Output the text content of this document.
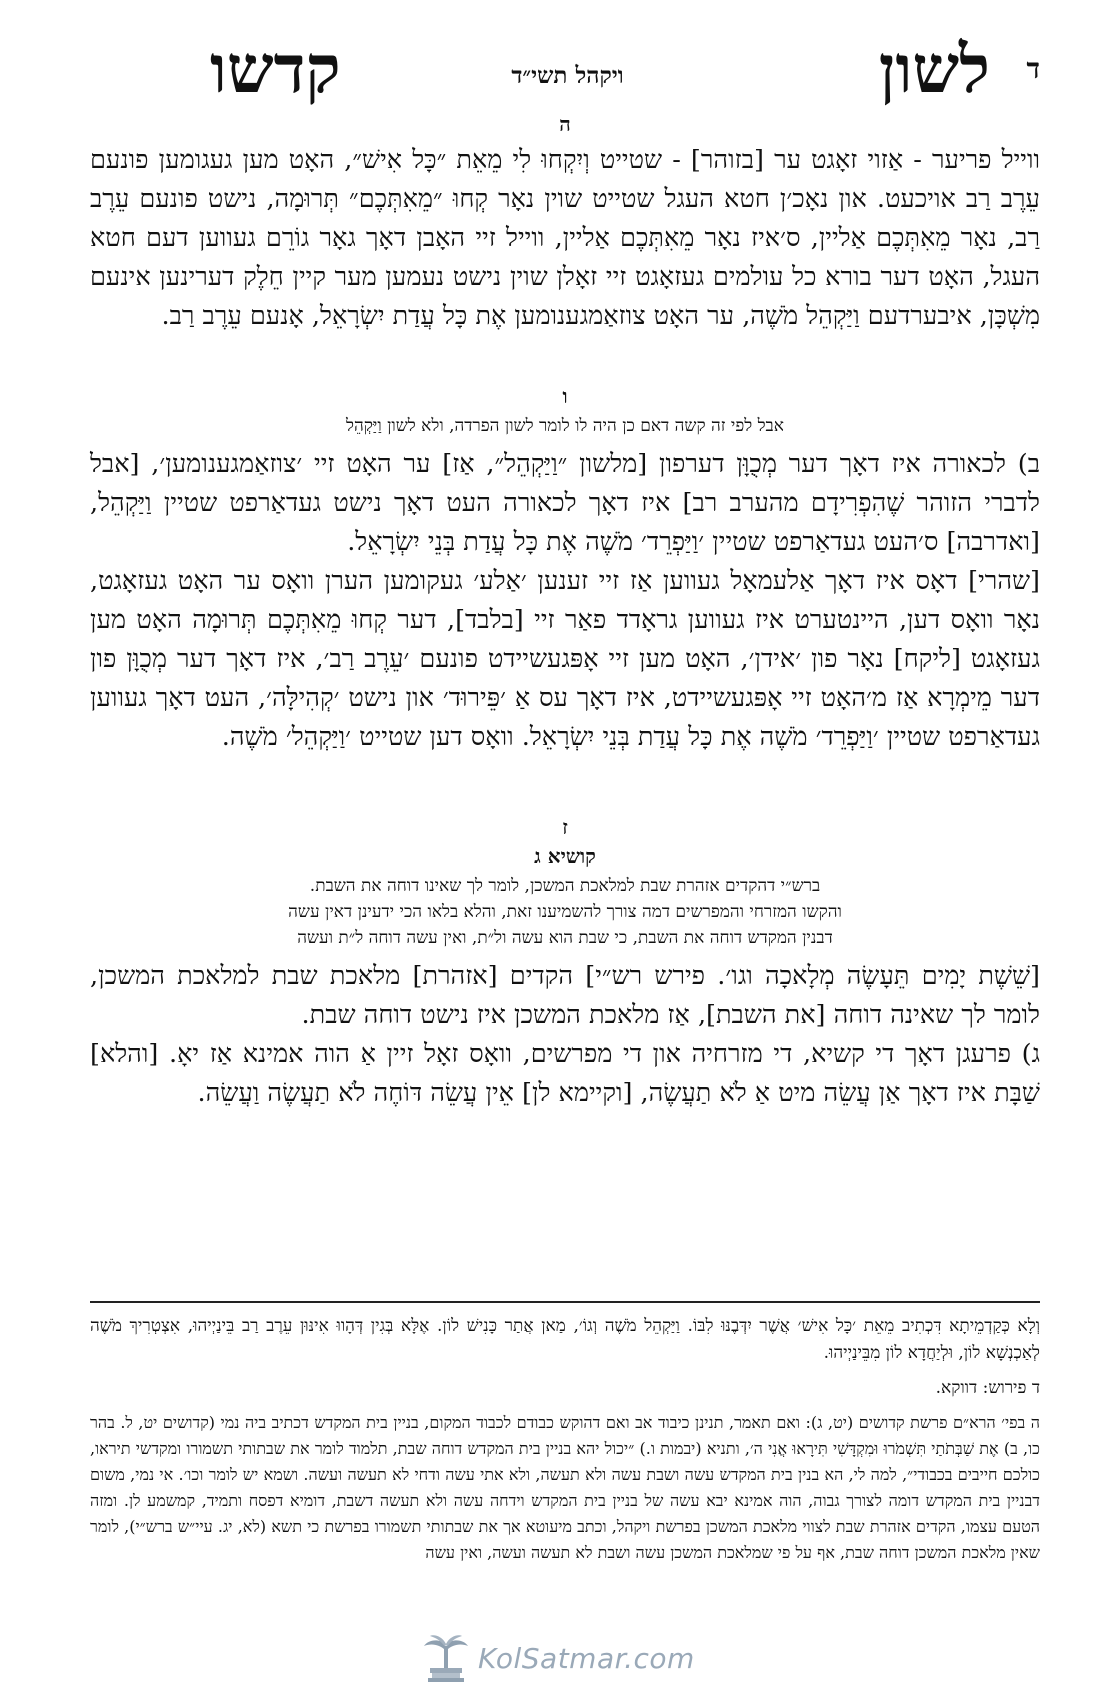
ד
לשון
ויקהל תשי״ד
קדשו
ה

ווייל פריער - אַזוי זאָגט ער [בזוהר] - שטייט וְיִקְחוּ לִי מֵאֵת ״כָּל אִישׁ״, האָט מען געגומען פונעם עֵרֶב רַב אויכעט. און נאָכ׳ן חטא העגל שטייט שוין נאָר קְחוּ ״מֵאִתְּכֶם״ תְּרוּמָה, נישט פונעם עֵרֶב רַב, נאָר מֵאִתְּכֶם אַליין, ס׳איז נאָר מֵאִתְּכֶם אַליין, ווייל זיי האָבן דאָך גאָר גוֹרֵם געווען דעם חטא העגל, האָט דער בורא כל עולמים געזאָגט זיי זאָלן שוין נישט נעמען מער קיין חֵלֶק דערינען אינעם מִשְׁכָּן, איבערדעם וַיַּקְהֵל מֹשֶׁה, ער האָט צוזאַמגענומען אֶת כָּל עֲדַת יִשְׂרָאֵל, אָנעם עֵרֶב רַב.

ו

אבל לפי זה קשה דאם כן היה לו לומר לשון הפרדה, ולא לשון וַיַּקְהֵל

ב) לכאורה איז דאָך דער מְכֻוָּן דערפון [מלשון ״וַיַּקְהֵל״, אַז] ער האָט זיי ׳צוזאַמגענומען׳, [אבל לדברי הזוהר שֶׁהִפְרִידָם מהערב רב] איז דאָך לכאורה העט דאָך נישט געדאַרפט שטיין וַיַּקְהֵל, [ואדרבה] ס׳העט געדאַרפט שטיין ׳וַיַּפְרֵד׳ מֹשֶׁה אֶת כָּל עֲדַת בְּנֵי יִשְׂרָאֵל.

[שהרי] דאָס איז דאָך אַלעמאָל געווען אַז זיי זענען ׳אַלע׳ געקומען הערן וואָס ער האָט געזאָגט, נאָר וואָס דען, היינטערט איז געווען גראָדד פאַר זיי [בלבד], דער קְחוּ מֵאִתְּכֶם תְּרוּמָה האָט מען געזאָגט [ליקח] נאָר פון ׳אידן׳, האָט מען זיי אָפּגעשיידט פונעם ׳עֵרֶב רַב׳, איז דאָך דער מְכֻוָּן פון דער מֵימְרָא אַז מ׳האָט זיי אָפּגעשיידט, איז דאָך עס אַ ׳פֵּירוּד׳ און נישט ׳קְהִילָּה׳, העט דאָך געווען געדאַרפט שטיין ׳וַיַּפְרֵד׳ מֹשֶׁה אֶת כָּל עֲדַת בְּנֵי יִשְׂרָאֵל. וואָס דען שטייט ׳וַיַּקְהֵל׳ מֹשֶׁה.

ז
קושיא ג

ברש״י דהקדים אזהרת שבת למלאכת המשכן, לומר לך שאינו דוחה את השבת.

והקשו המזרחי והמפרשים דמה צורך להשמיענו זאת, והלא בלאו הכי ידעינן דאין עשה

דבנין המקדש דוחה את השבת, כי שבת הוא עשה ול״ת, ואין עשה דוחה ל״ת ועשה

[שֵׁשֶׁת יָמִים תֵּעָשֶׂה מְלָאכָה וגו׳. פירש רש״י] הקדים [אזהרת] מלאכת שבת למלאכת המשכן, לומר לך שאינה דוחה [את השבת], אַז מלאכת המשכן איז נישט דוחה שבת.

ג) פרעגן דאָך די קשיא, די מזרחיה און די מפרשים, וואָס זאָל זיין אַ הוה אמינא אַז יאָ. [והלא] שַׁבָּת איז דאָך אַן עֲשֵׂה מיט אַ לֹא תַעֲשֶׂה, [וקיימא לן] אֵין עֲשֵׂה דּוֹחֶה לֹא תַעֲשֶׂה וַעֲשֵׂה.

וְלָא כְּקַדְמֵיתָא דִּכְתִיב מֵאֵת ׳כָּל אִישׁ׳ אֲשֶׁר יִדְּבֶנּוּ לִבּוֹ. וַיַּקְהֵל מֹשֶׁה וְגוֹ׳, מַאן אֲתַר כָּנִישׁ לוֹן. אֶלָּא בְּגִין דְּהָווּ אִינּוּן עֵרֶב רַב בֵּינַיְיהוּ, אִצְטְרִיךְ מֹשֶׁה לְאַכְנְשָׁא לוֹן, וּלְיַחֲדָא לוֹן מִבֵּינַיְיהוּ.

ד פירוש: דווקא.

ה בפי׳ הרא״ם פרשת קדושים (יט, ג): ואם תאמר, תנינן כיבוד אב ואם דהוקש כבודם לכבוד המקום, בניין בית המקדש דכתיב ביה נמי (קדושים יט, ל. בהר כו, ב) אֶת שַׁבְּתֹתַי תִּשְׁמֹרוּ וּמִקְדָּשִׁי תִּירָאוּ אֲנִי ה׳, ותניא (יבמות ו.) ״יכול יהא בניין בית המקדש דוחה שבת, תלמוד לומר את שבתותי תשמורו ומקדשי תיראו, כולכם חייבים בכבודי״, למה לי, הא בנין בית המקדש עשה ושבת עשה ולא תעשה, ולא אתי עשה ודחי לא תעשה ועשה. ושמא יש לומר וכו׳. אי נמי, משום דבניין בית המקדש דומה לצורך גבוה, הוה אמינא יבא עשה של בניין בית המקדש וידחה עשה ולא תעשה דשבת, דומיא דפסח ותמיד, קמשמע לן. ומזה הטעם עצמו, הקדים אזהרת שבת לצווי מלאכת המשכן בפרשת ויקהל, וכתב מיעוטא אך את שבתותי תשמורו בפרשת כי תשא (לא, יג. עיי״ש ברש״י), לומר שאין מלאכת המשכן דוחה שבת, אף על פי שמלאכת המשכן עשה ושבת לא תעשה ועשה, ואין עשה

KolSatmar.com
